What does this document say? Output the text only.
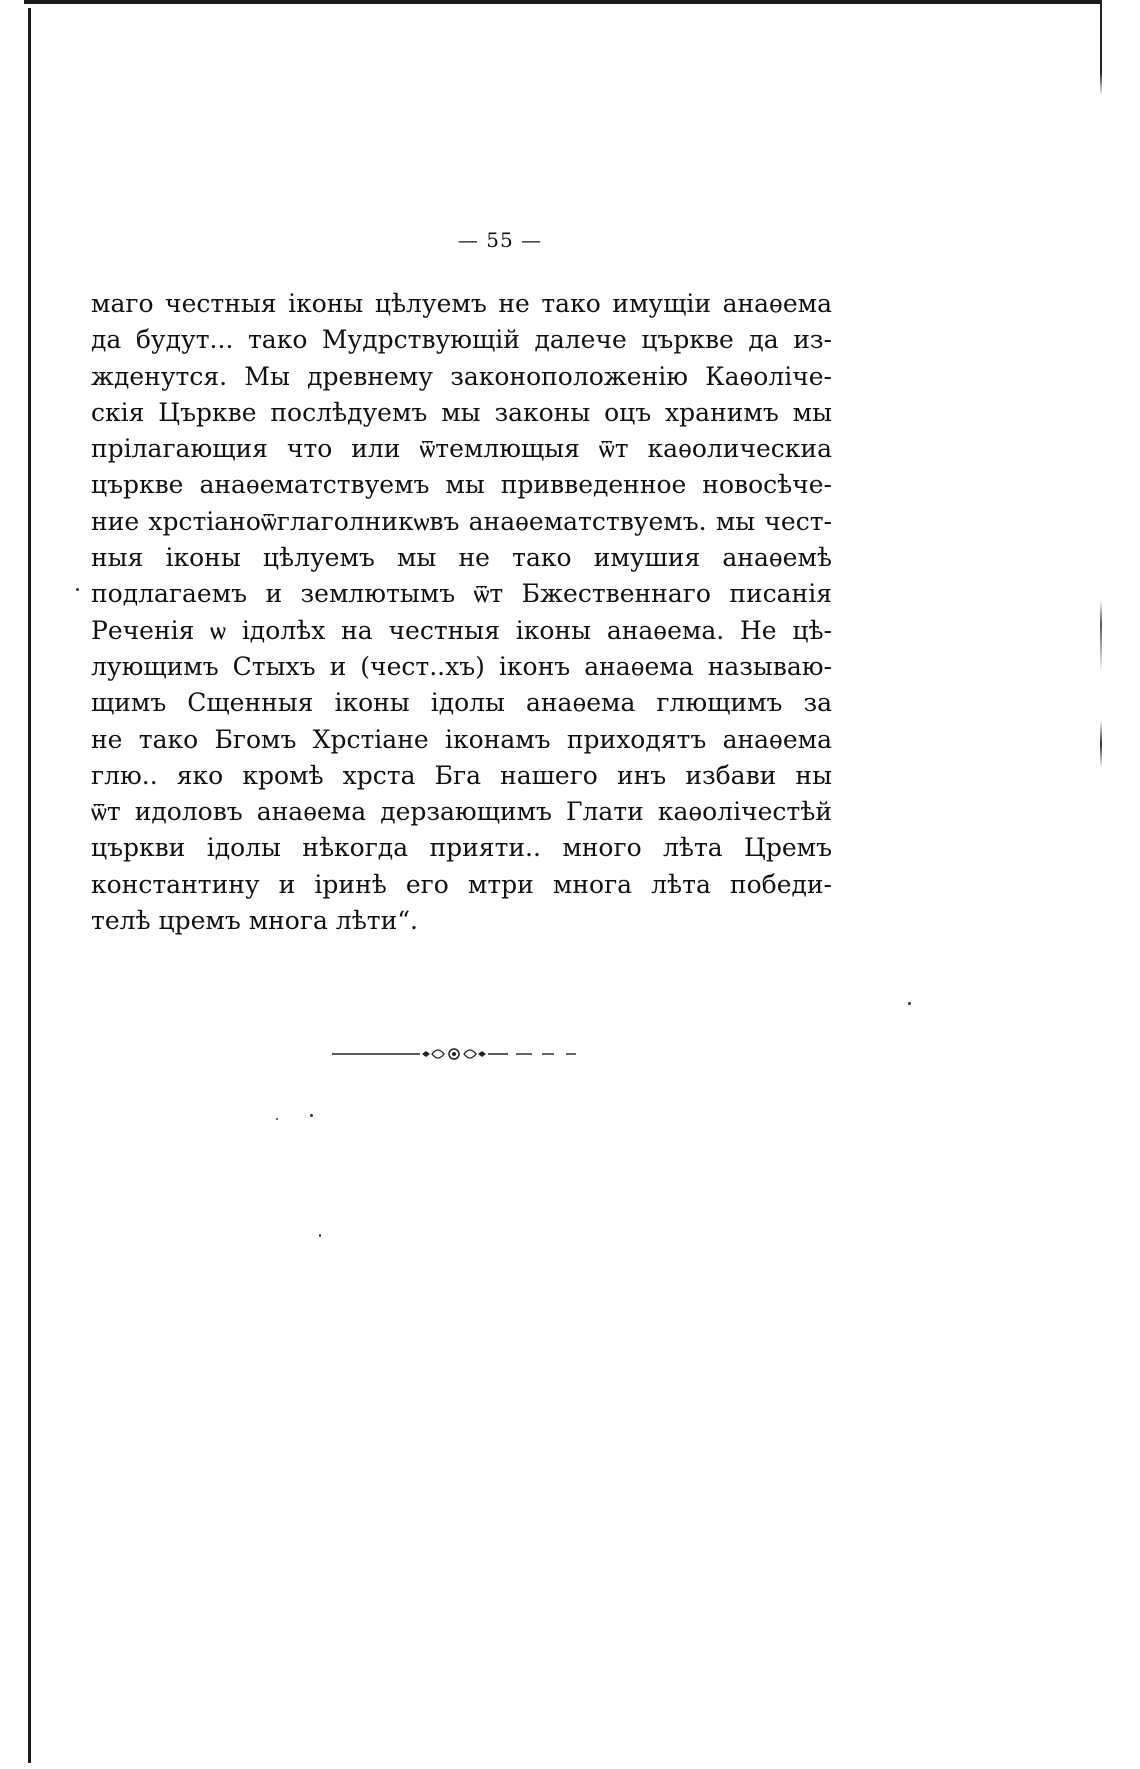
— 55 —
маго честныя іконы цѣлуемъ не тако имущіи анаѳема
да будут... тако Мудрствующій далече църкве да из-
жденутся. Мы древнему законоположенію Каѳолiче-
скія Църкве послѣдуемъ мы законы оцъ хранимъ мы
прілагающия что или ѿтемлющыя ѿт каѳолическиа
църкве анаѳематствуемъ мы привведенное новосѣче-
ние хрстіаноѿглаголникѡвъ анаѳематствуемъ. мы чест-
ныя іконы цѣлуемъ мы не тако имушия анаѳемѣ
подлагаемъ и землютымъ ѿт Бжественнаго писанія
Реченія ѡ ідолѣх на честныя іконы анаѳема. Не цѣ-
лующимъ Стыхъ и (чест..хъ) іконъ анаѳема называю-
щимъ Сщенныя іконы ідолы анаѳема глющимъ за
не тако Бгомъ Хрстіане іконамъ приходятъ анаѳема
глю.. яко кромѣ хрста Бга нашего инъ избави ны
ѿт идоловъ анаѳема дерзающимъ Глати каѳолiчестѣй
църкви ідолы нѣкогда прияти.. много лѣта Цремъ
константину и іринѣ его мтри многа лѣта победи-
телѣ цремъ многа лѣти“.
